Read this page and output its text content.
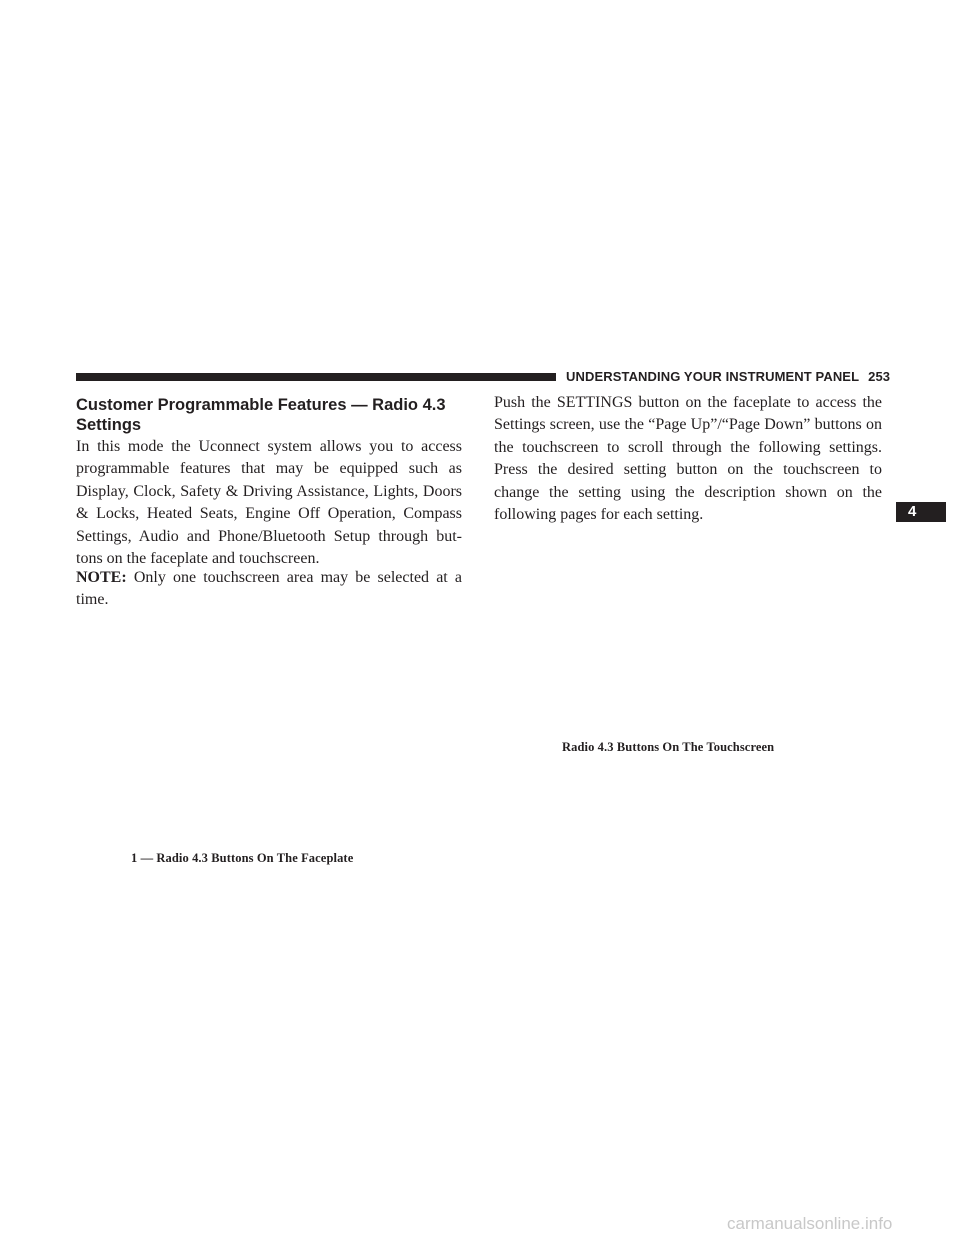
UNDERSTANDING YOUR INSTRUMENT PANEL 253
Customer Programmable Features — Radio 4.3 Settings

In this mode the Uconnect system allows you to access programmable features that may be equipped such as Display, Clock, Safety & Driving Assistance, Lights, Doors & Locks, Heated Seats, Engine Off Operation, Compass Settings, Audio and Phone/Bluetooth Setup through but-tons on the faceplate and touchscreen.

NOTE: Only one touchscreen area may be selected at a time.

Push the SETTINGS button on the faceplate to access the Settings screen, use the “Page Up”/“Page Down” buttons on the touchscreen to scroll through the following settings. Press the desired setting button on the touchscreen to change the setting using the description shown on the following pages for each setting.

Radio 4.3 Buttons On The Touchscreen
1 — Radio 4.3 Buttons On The Faceplate
4
carmanualsonline.info
